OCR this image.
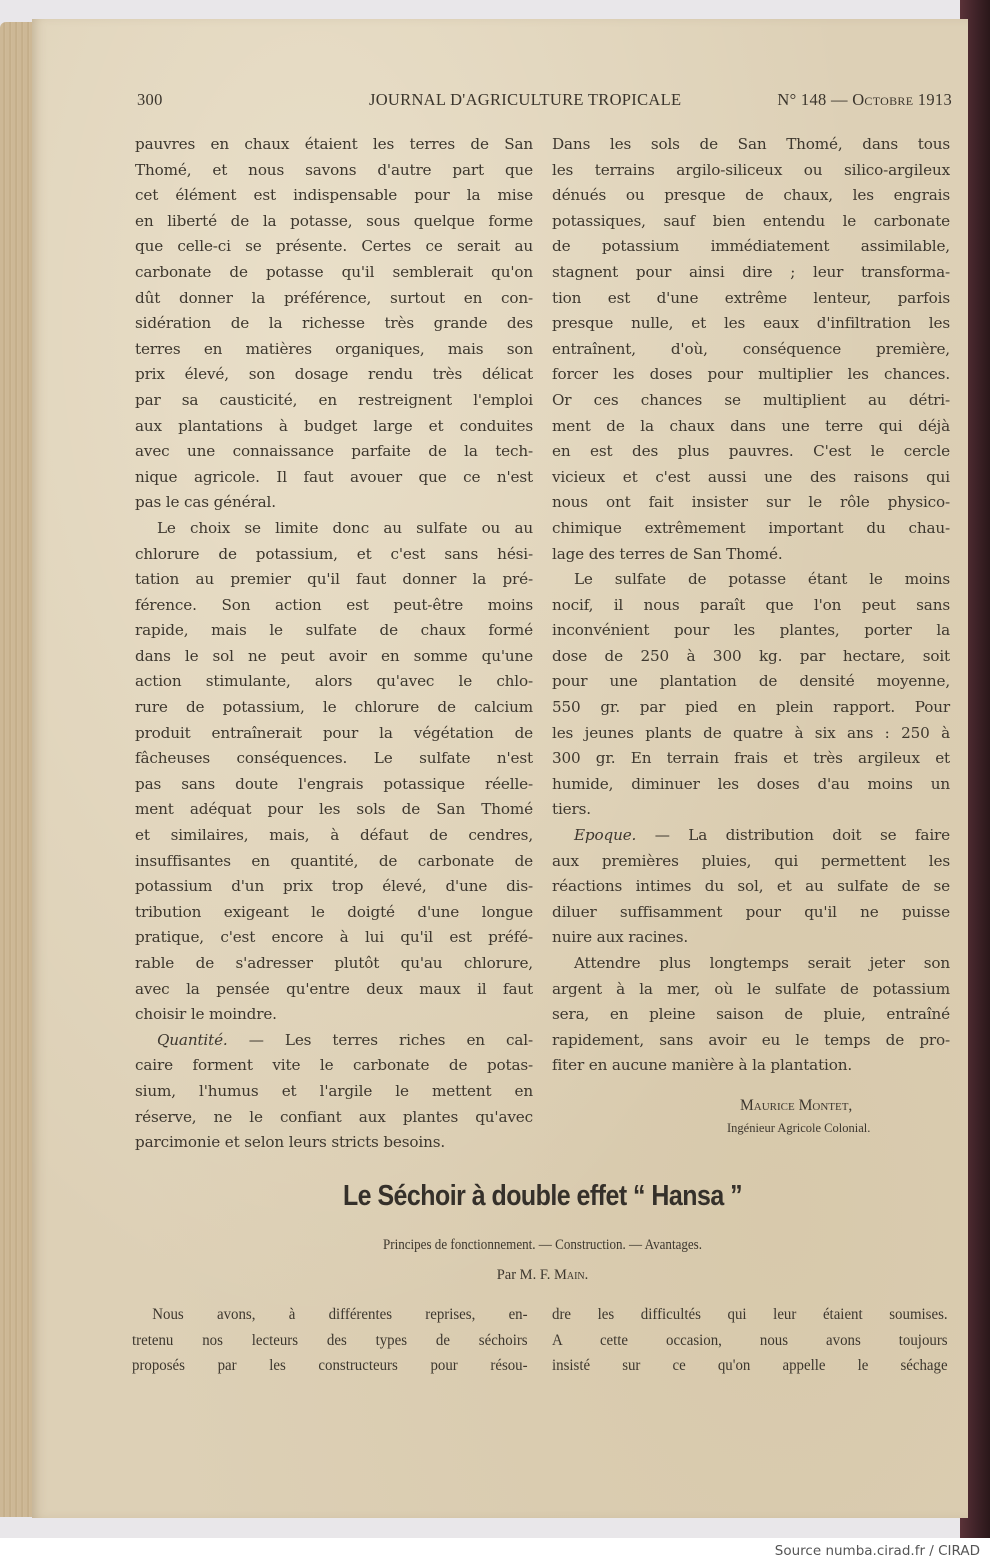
300	JOURNAL D'AGRICULTURE TROPICALE	N° 148 — Octobre 1913

pauvres en chaux étaient les terres de San
Thomé, et nous savons d'autre part que
cet élément est indispensable pour la mise
en liberté de la potasse, sous quelque forme
que celle-ci se présente. Certes ce serait au
carbonate de potasse qu'il semblerait qu'on
dût donner la préférence, surtout en con-
sidération de la richesse très grande des
terres en matières organiques, mais son
prix élevé, son dosage rendu très délicat
par sa causticité, en restreignent l'emploi
aux plantations à budget large et conduites
avec une connaissance parfaite de la tech-
nique agricole. Il faut avouer que ce n'est
pas le cas général.

Le choix se limite donc au sulfate ou au
chlorure de potassium, et c'est sans hési-
tation au premier qu'il faut donner la pré-
férence. Son action est peut-être moins
rapide, mais le sulfate de chaux formé
dans le sol ne peut avoir en somme qu'une
action stimulante, alors qu'avec le chlo-
rure de potassium, le chlorure de calcium
produit entraînerait pour la végétation de
fâcheuses conséquences. Le sulfate n'est
pas sans doute l'engrais potassique réelle-
ment adéquat pour les sols de San Thomé
et similaires, mais, à défaut de cendres,
insuffisantes en quantité, de carbonate de
potassium d'un prix trop élevé, d'une dis-
tribution exigeant le doigté d'une longue
pratique, c'est encore à lui qu'il est préfé-
rable de s'adresser plutôt qu'au chlorure,
avec la pensée qu'entre deux maux il faut
choisir le moindre.

Quantité. — Les terres riches en cal-
caire forment vite le carbonate de potas-
sium, l'humus et l'argile le mettent en
réserve, ne le confiant aux plantes qu'avec
parcimonie et selon leurs stricts besoins.

Dans les sols de San Thomé, dans tous
les terrains argilo-siliceux ou silico-argileux
dénués ou presque de chaux, les engrais
potassiques, sauf bien entendu le carbonate
de potassium immédiatement assimilable,
stagnent pour ainsi dire ; leur transforma-
tion est d'une extrême lenteur, parfois
presque nulle, et les eaux d'infiltration les
entraînent, d'où, conséquence première,
forcer les doses pour multiplier les chances.
Or ces chances se multiplient au détri-
ment de la chaux dans une terre qui déjà
en est des plus pauvres. C'est le cercle
vicieux et c'est aussi une des raisons qui
nous ont fait insister sur le rôle physico-
chimique extrêmement important du chau-
lage des terres de San Thomé.

Le sulfate de potasse étant le moins
nocif, il nous paraît que l'on peut sans
inconvénient pour les plantes, porter la
dose de 250 à 300 kg. par hectare, soit
pour une plantation de densité moyenne,
550 gr. par pied en plein rapport. Pour
les jeunes plants de quatre à six ans : 250 à
300 gr. En terrain frais et très argileux et
humide, diminuer les doses d'au moins un
tiers.

Epoque. — La distribution doit se faire
aux premières pluies, qui permettent les
réactions intimes du sol, et au sulfate de se
diluer suffisamment pour qu'il ne puisse
nuire aux racines.

Attendre plus longtemps serait jeter son
argent à la mer, où le sulfate de potassium
sera, en pleine saison de pluie, entraîné
rapidement, sans avoir eu le temps de pro-
fiter en aucune manière à la plantation.

Maurice Montet,
Ingénieur Agricole Colonial.
Le Séchoir à double effet “ Hansa ”
Principes de fonctionnement. — Construction. — Avantages.
Par M. F. Main.
Nous avons, à différentes reprises, en-
tretenu nos lecteurs des types de séchoirs
proposés par les constructeurs pour résou-
dre les difficultés qui leur étaient soumises.
A cette occasion, nous avons toujours
insisté sur ce qu'on appelle le séchage
Source numba.cirad.fr / CIRAD
